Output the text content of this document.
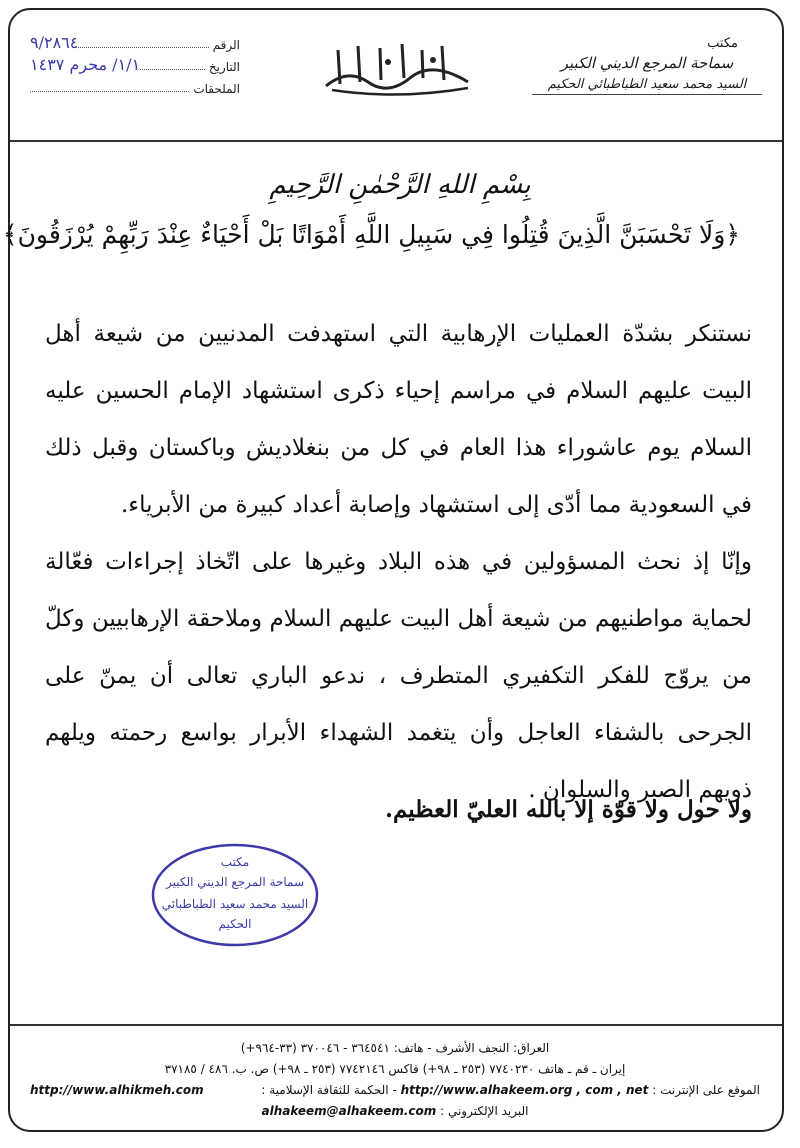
مكتب
سماحة المرجع الديني الكبير
السيد محمد سعيد الطباطبائي الحكيم
الرقم
٩/٢٨٦٤
التاريخ
١/١/ محرم ١٤٣٧
الملحقات
بِسْمِ اللهِ الرَّحْمٰنِ الرَّحِيمِ
﴿وَلَا تَحْسَبَنَّ الَّذِينَ قُتِلُوا فِي سَبِيلِ اللَّهِ أَمْوَاتًا بَلْ أَحْيَاءٌ عِنْدَ رَبِّهِمْ يُرْزَقُونَ﴾

نستنكر بشدّة العمليات الإرهابية التي استهدفت المدنيين من شيعة أهل البيت عليهم السلام في مراسم إحياء ذكرى استشهاد الإمام الحسين عليه السلام يوم عاشوراء هذا العام في كل من بنغلاديش وباكستان وقبل ذلك في السعودية مما أدّى إلى استشهاد وإصابة أعداد كبيرة من الأبرياء.

وإنّا إذ نحث المسؤولين في هذه البلاد وغيرها على اتّخاذ إجراءات فعّالة لحماية مواطنيهم من شيعة أهل البيت عليهم السلام وملاحقة الإرهابيين وكلّ من يروّج للفكر التكفيري المتطرف ، ندعو الباري تعالى أن يمنّ على الجرحى بالشفاء العاجل وأن يتغمد الشهداء الأبرار بواسع رحمته ويلهم ذويهم الصبر والسلوان .

ولا حول ولا قوّة إلا بالله العليّ العظيم.
مكتب
سماحة المرجع الديني الكبير
السيد محمد سعيد الطباطبائي
الحكيم
العراق: النجف الأشرف - هاتف: ٣٦٤٥٤١ - ٣٧٠٠٤٦ (٣٣-٩٦٤+)
إيران ـ قم ـ هاتف ٧٧٤٠٢٣٠ (٢٥٣ ـ ٩٨+) فاكس ٧٧٤٢١٤٦ (٢٥٣ ـ ٩٨+) ص. ب. ٤٨٦ / ٣٧١٨٥
الموقع على الإنترنت : http://www.alhakeem.org , com , net - الحكمة للثقافة الإسلامية :
http://www.alhikmeh.com
البريد الإلكتروني : alhakeem@alhakeem.com
